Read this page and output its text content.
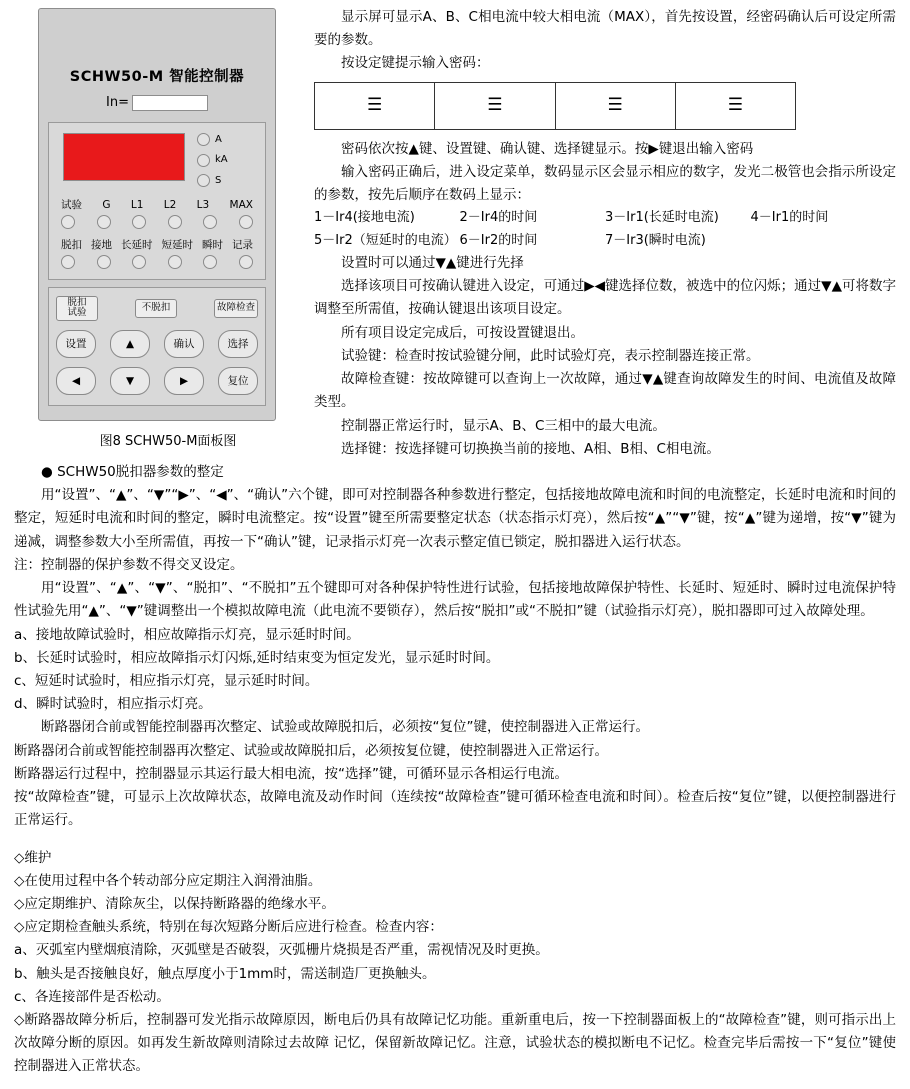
SCHW50-M 智能控制器
In=
A
kA
S
试验 G L1 L2 L3 MAX
脱扣 接地 长延时 短延时 瞬时 记录
脱扣
试验	不脱扣	故障检查
设置	▲	确认	选择
◀	▼	▶	复位
图8 SCHW50-M面板图

显示屏可显示A、B、C相电流中较大相电流（MAX），首先按设置，经密码确认后可设定所需要的参数。

按设定键提示输入密码：

☰	☰	☰	☰

密码依次按▲键、设置键、确认键、选择键显示。按▶键退出输入密码

输入密码正确后，进入设定菜单，数码显示区会显示相应的数字，发光二极管也会指示所设定的参数，按先后顺序在数码上显示：

1－Ir4(接地电流)	2－Ir4的时间	3－Ir1(长延时电流)	4－Ir1的时间
5－Ir2（短延时的电流） 6－Ir2的时间	7－Ir3(瞬时电流)

设置时可以通过▼▲键进行先择

选择该项目可按确认键进入设定，可通过▶◀键选择位数，被选中的位闪烁；通过▼▲可将数字调整至所需值，按确认键退出该项目设定。

所有项目设定完成后，可按设置键退出。

试验键：检查时按试验键分闸，此时试验灯亮，表示控制器连接正常。

故障检查键：按故障键可以查询上一次故障，通过▼▲键查询故障发生的时间、电流值及故障类型。

控制器正常运行时，显示A、B、C三相中的最大电流。

选择键：按选择键可切换换当前的接地、A相、B相、C相电流。

● SCHW50脱扣器参数的整定

用“设置”、“▲”、“▼”“▶”、“◀”、“确认”六个键，即可对控制器各种参数进行整定，包括接地故障电流和时间的电流整定，长延时电流和时间的整定，短延时电流和时间的整定，瞬时电流整定。按“设置”键至所需要整定状态（状态指示灯亮），然后按“▲”“▼”键，按“▲”键为递增，按“▼”键为递减，调整参数大小至所需值，再按一下“确认”键，记录指示灯亮一次表示整定值已锁定，脱扣器进入运行状态。

注：控制器的保护参数不得交叉设定。

用“设置”、“▲”、“▼”、“脱扣”、“不脱扣”五个键即可对各种保护特性进行试验，包括接地故障保护特性、长延时、短延时、瞬时过电流保护特性试验先用“▲”、“▼”键调整出一个模拟故障电流（此电流不要锁存），然后按“脱扣”或“不脱扣”键（试验指示灯亮），脱扣器即可过入故障处理。

a、接地故障试验时，相应故障指示灯亮，显示延时时间。

b、长延时试验时，相应故障指示灯闪烁,延时结束变为恒定发光，显示延时时间。

c、短延时试验时，相应指示灯亮，显示延时时间。

d、瞬时试验时，相应指示灯亮。

断路器闭合前或智能控制器再次整定、试验或故障脱扣后，必须按“复位”键，使控制器进入正常运行。

断路器闭合前或智能控制器再次整定、试验或故障脱扣后，必须按复位键，使控制器进入正常运行。

断路器运行过程中，控制器显示其运行最大相电流，按“选择”键，可循环显示各相运行电流。

按“故障检查”键，可显示上次故障状态，故障电流及动作时间（连续按“故障检查”键可循环检查电流和时间）。检查后按“复位”键，以便控制器进行正常运行。

◇维护

◇在使用过程中各个转动部分应定期注入润滑油脂。

◇应定期维护、清除灰尘，以保持断路器的绝缘水平。

◇应定期检查触头系统，特别在每次短路分断后应进行检查。检查内容：

a、灭弧室内壁烟痕清除，灭弧壁是否破裂，灭弧栅片烧损是否严重，需视情况及时更换。

b、触头是否接触良好，触点厚度小于1mm时，需送制造厂更换触头。

c、各连接部件是否松动。

◇断路器故障分析后，控制器可发光指示故障原因，断电后仍具有故障记忆功能。重新重电后，按一下控制器面板上的“故障检查”键，则可指示出上次故障分断的原因。如再发生新故障则清除过去故障 记忆，保留新故障记忆。注意，试验状态的模拟断电不记忆。检查完毕后需按一下“复位”键使控制器进入正常状态。
